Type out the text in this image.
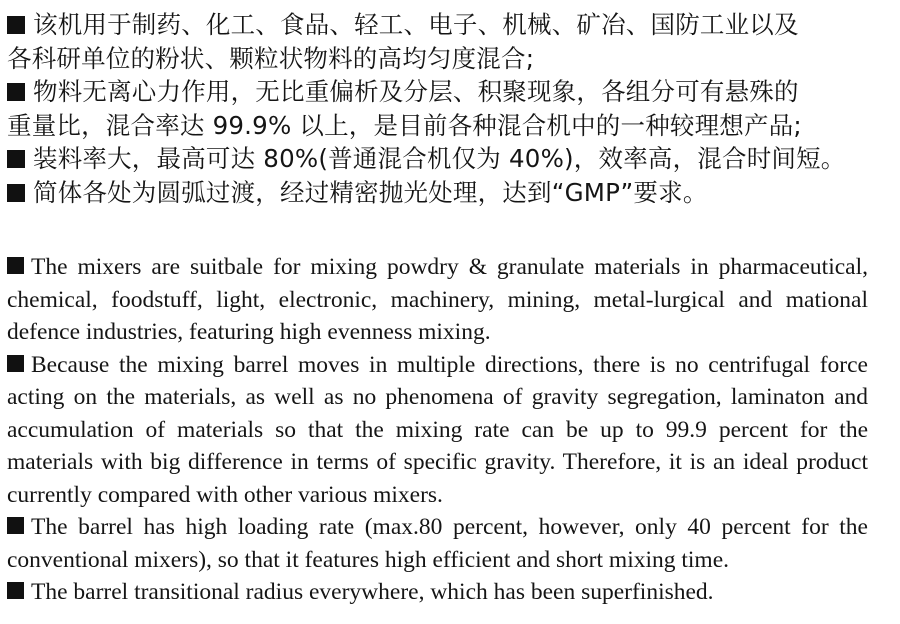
该机用于制药、化工、食品、轻工、电子、机械、矿冶、国防工业以及

各科研单位的粉状、颗粒状物料的高均匀度混合;

物料无离心力作用，无比重偏析及分层、积聚现象，各组分可有悬殊的

重量比，混合率达 99.9% 以上，是目前各种混合机中的一种较理想产品;

装料率大，最高可达 80%(普通混合机仅为 40%)，效率高，混合时间短。

简体各处为圆弧过渡，经过精密抛光处理，达到“GMP”要求。

The mixers are suitbale for mixing powdry & granulate materials in pharmaceutical, chemical, foodstuff, light, electronic, machinery, mining, metal-lurgical and mational defence industries, featuring high evenness mixing.

Because the mixing barrel moves in multiple directions, there is no centrifugal force acting on the materials, as well as no phenomena of gravity segregation, laminaton and accumulation of materials so that the mixing rate can be up to 99.9 percent for the materials with big difference in terms of specific gravity. Therefore, it is an ideal product currently compared with other various mixers.

The barrel has high loading rate (max.80 percent, however, only 40 percent for the conventional mixers), so that it features high efficient and short mixing time.

The barrel transitional radius everywhere, which has been superfinished.
